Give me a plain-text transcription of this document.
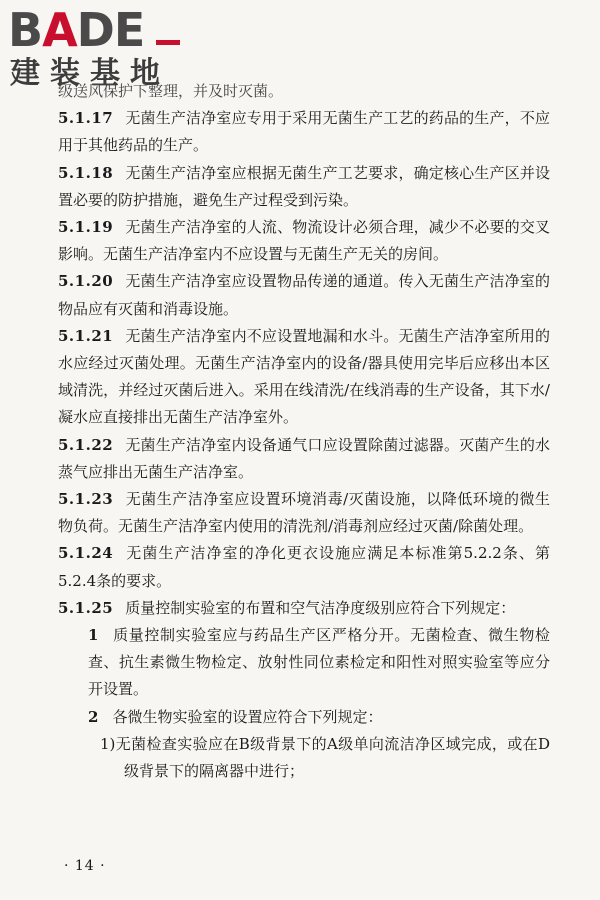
BADE
建装基地

级送风保护下整理，并及时灭菌。

5.1.17 无菌生产洁净室应专用于采用无菌生产工艺的药品的生产，不应用于其他药品的生产。

5.1.18 无菌生产洁净室应根据无菌生产工艺要求，确定核心生产区并设置必要的防护措施，避免生产过程受到污染。

5.1.19 无菌生产洁净室的人流、物流设计必须合理，减少不必要的交叉影响。无菌生产洁净室内不应设置与无菌生产无关的房间。

5.1.20 无菌生产洁净室应设置物品传递的通道。传入无菌生产洁净室的物品应有灭菌和消毒设施。

5.1.21 无菌生产洁净室内不应设置地漏和水斗。无菌生产洁净室所用的水应经过灭菌处理。无菌生产洁净室内的设备/器具使用完毕后应移出本区域清洗，并经过灭菌后进入。采用在线清洗/在线消毒的生产设备，其下水/凝水应直接排出无菌生产洁净室外。

5.1.22 无菌生产洁净室内设备通气口应设置除菌过滤器。灭菌产生的水蒸气应排出无菌生产洁净室。

5.1.23 无菌生产洁净室应设置环境消毒/灭菌设施，以降低环境的微生物负荷。无菌生产洁净室内使用的清洗剂/消毒剂应经过灭菌/除菌处理。

5.1.24 无菌生产洁净室的净化更衣设施应满足本标准第5.2.2条、第5.2.4条的要求。

5.1.25 质量控制实验室的布置和空气洁净度级别应符合下列规定：

1 质量控制实验室应与药品生产区严格分开。无菌检查、微生物检查、抗生素微生物检定、放射性同位素检定和阳性对照实验室等应分开设置。

2 各微生物实验室的设置应符合下列规定：

1)无菌检查实验应在B级背景下的A级单向流洁净区域完成，或在D级背景下的隔离器中进行；

· 14 ·
